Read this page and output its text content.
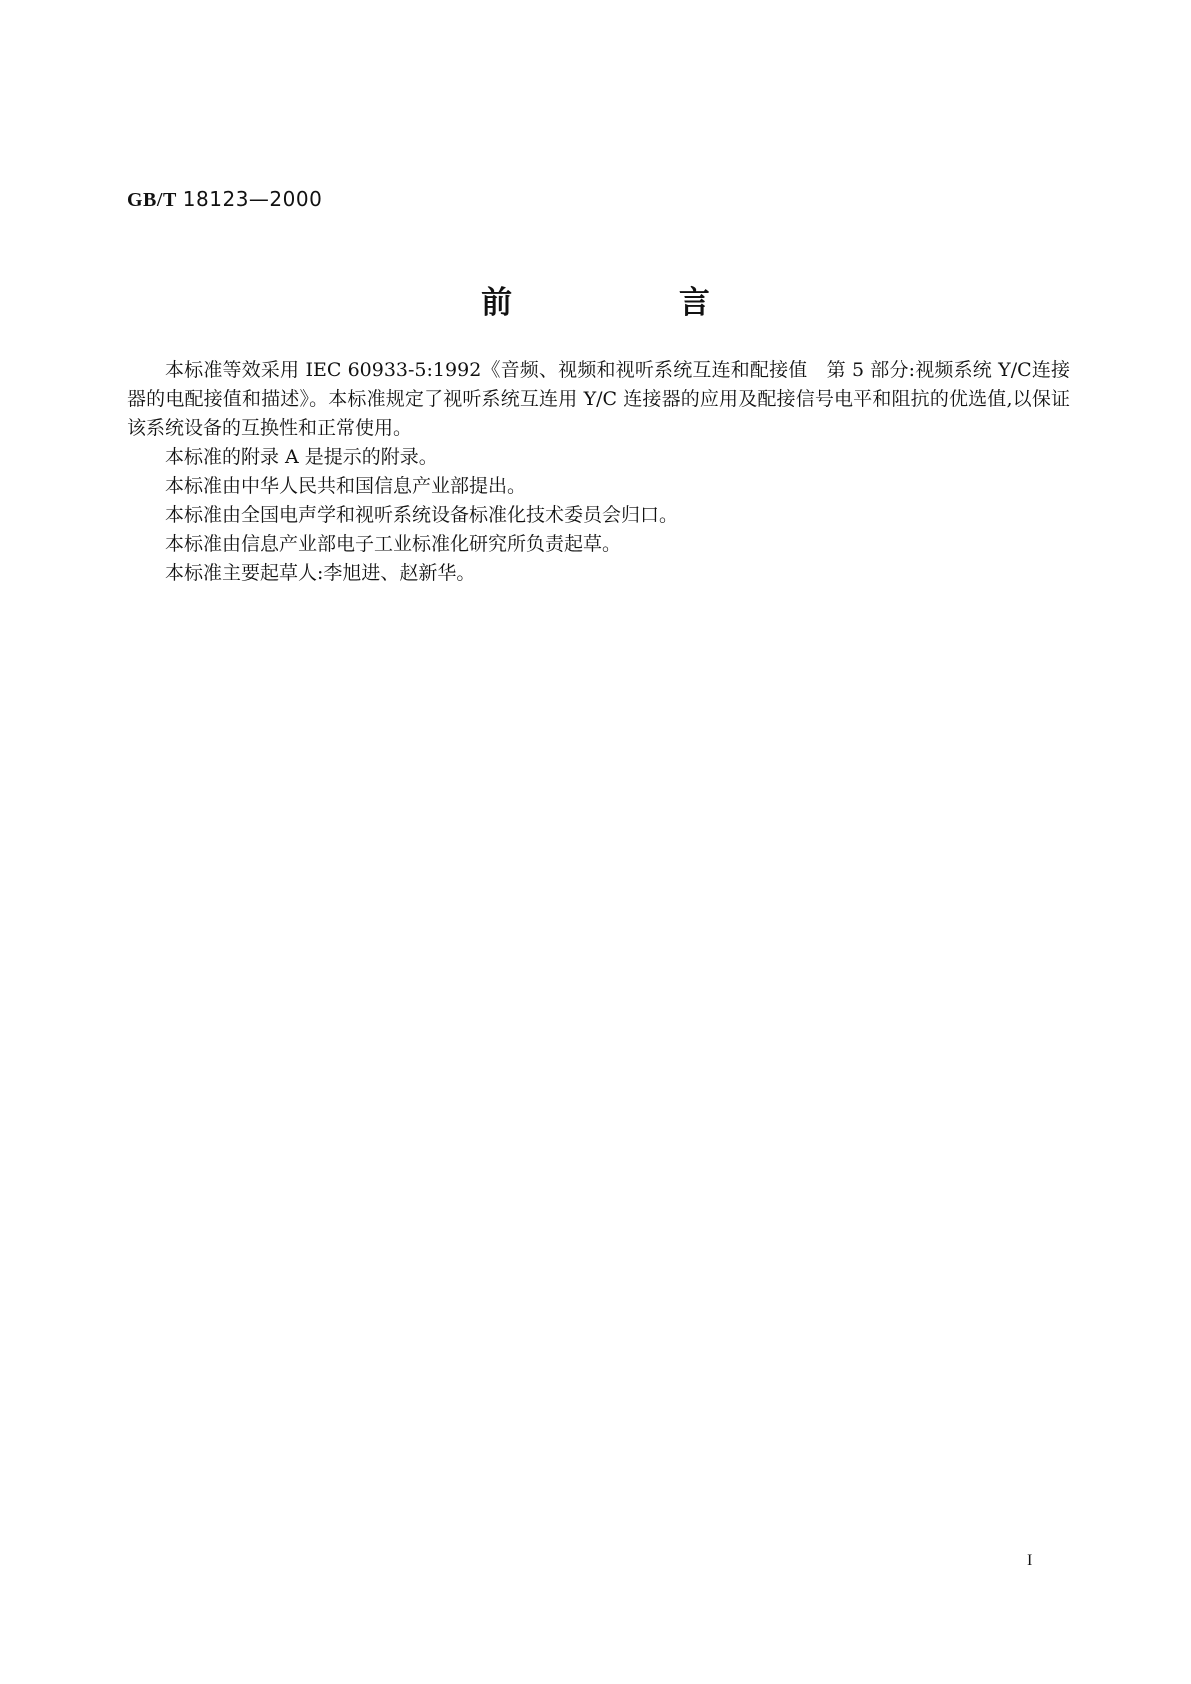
GB/T 18123—2000
前 言

本标准等效采用 IEC 60933-5:1992《音频、视频和视听系统互连和配接值　第 5 部分:视频系统 Y/C连接器的电配接值和描述》。本标准规定了视听系统互连用 Y/C 连接器的应用及配接信号电平和阻抗的优选值,以保证该系统设备的互换性和正常使用。

本标准的附录 A 是提示的附录。

本标准由中华人民共和国信息产业部提出。

本标准由全国电声学和视听系统设备标准化技术委员会归口。

本标准由信息产业部电子工业标准化研究所负责起草。

本标准主要起草人:李旭进、赵新华。

I
